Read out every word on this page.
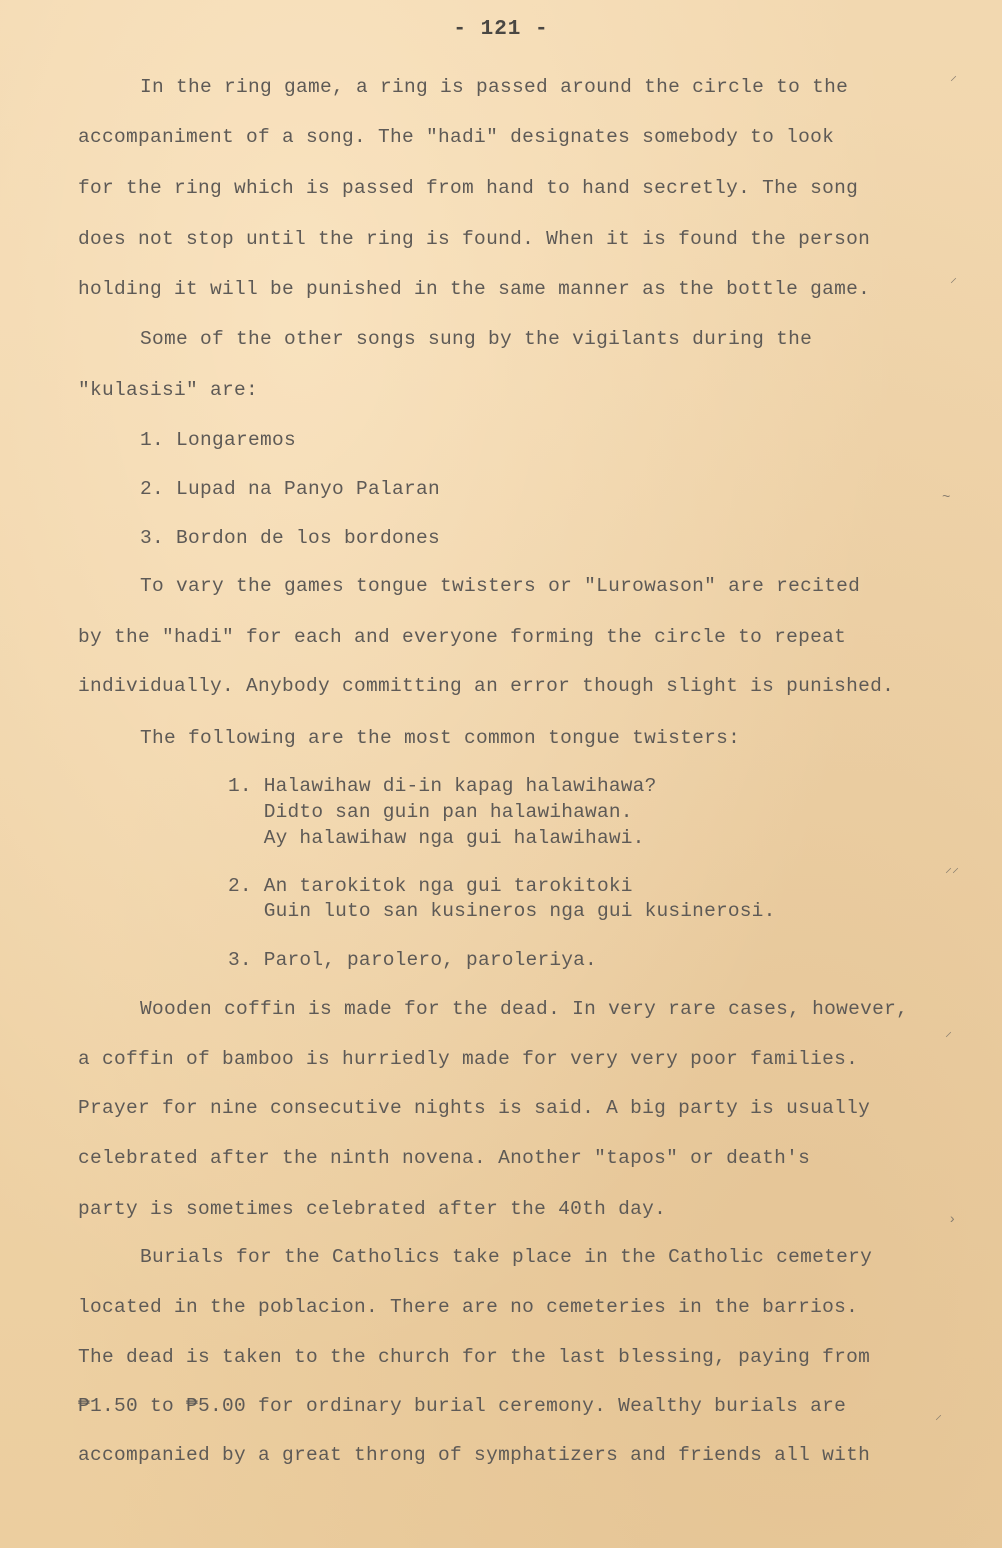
- 121 -
In the ring game, a ring is passed around the circle to the
accompaniment of a song. The "hadi" designates somebody to look
for the ring which is passed from hand to hand secretly. The song
does not stop until the ring is found. When it is found the person
holding it will be punished in the same manner as the bottle game.
Some of the other songs sung by the vigilants during the
"kulasisi" are:
1. Longaremos
2. Lupad na Panyo Palaran
3. Bordon de los bordones
To vary the games tongue twisters or "Lurowason" are recited
by the "hadi" for each and everyone forming the circle to repeat
individually. Anybody committing an error though slight is punished.
The following are the most common tongue twisters:
1. Halawihaw di-in kapag halawihawa?
Didto san guin pan halawihawan.
Ay halawihaw nga gui halawihawi.
2. An tarokitok nga gui tarokitoki
Guin luto san kusineros nga gui kusinerosi.
3. Parol, parolero, paroleriya.
Wooden coffin is made for the dead. In very rare cases, however,
a coffin of bamboo is hurriedly made for very very poor families.
Prayer for nine consecutive nights is said. A big party is usually
celebrated after the ninth novena. Another "tapos" or death's
party is sometimes celebrated after the 40th day.
Burials for the Catholics take place in the Catholic cemetery
located in the poblacion. There are no cemeteries in the barrios.
The dead is taken to the church for the last blessing, paying from
₱1.50 to ₱5.00 for ordinary burial ceremony. Wealthy burials are
accompanied by a great throng of symphatizers and friends all with
⸝
⸝
~
⸝⸝
⸝
›
⸝
